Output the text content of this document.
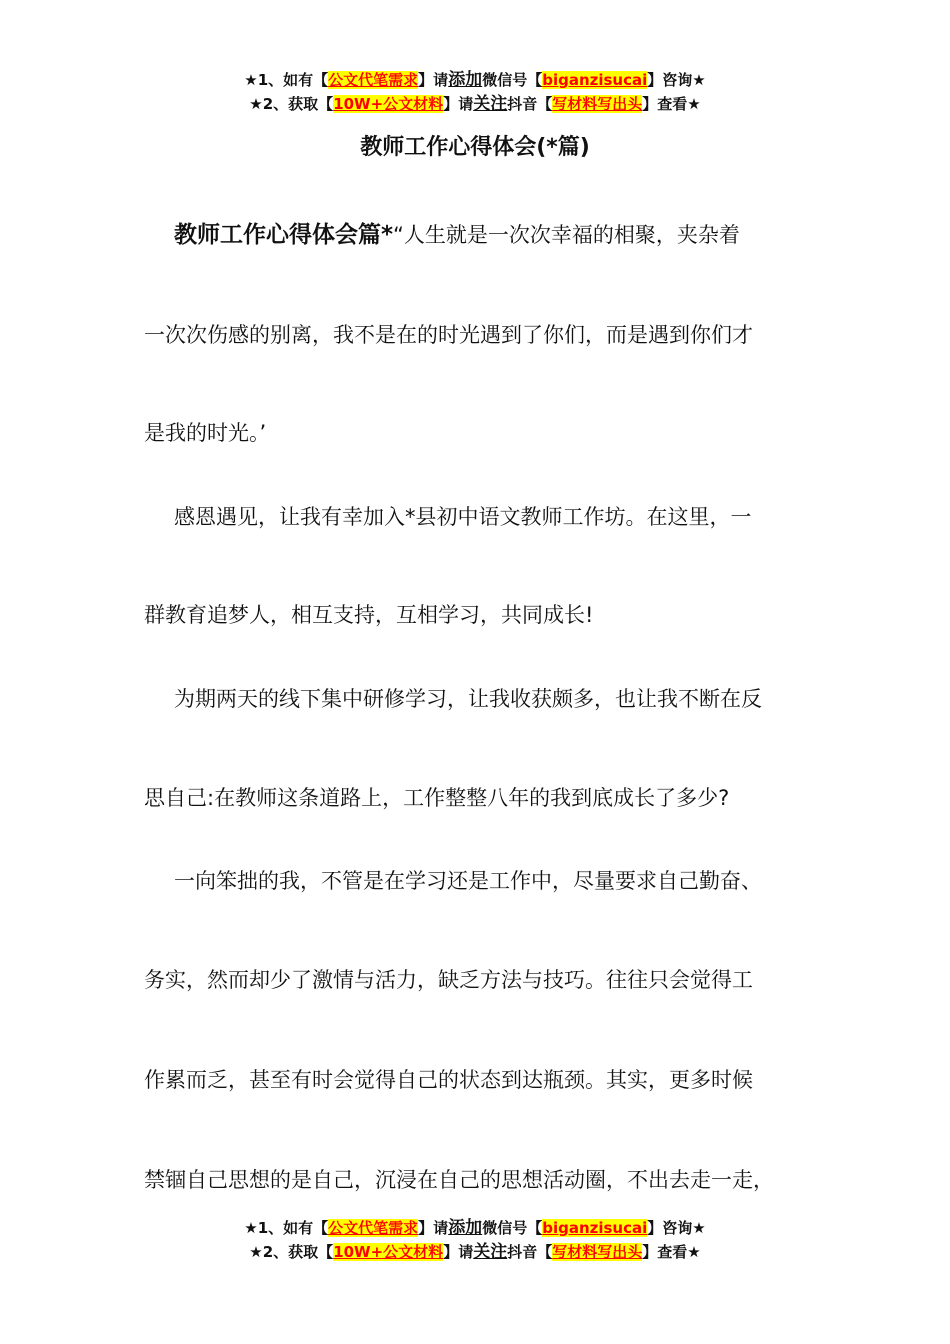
★1、如有【公文代笔需求】请添加微信号【biganzisucai】咨询★
★2、获取【10W+公文材料】请关注抖音【写材料写出头】查看★
教师工作心得体会(*篇)
教师工作心得体会篇*“人生就是一次次幸福的相聚，夹杂着
一次次伤感的别离，我不是在的时光遇到了你们，而是遇到你们才
是我的时光。’
感恩遇见，让我有幸加入*县初中语文教师工作坊。在这里，一
群教育追梦人，相互支持，互相学习，共同成长!
为期两天的线下集中研修学习，让我收获颇多，也让我不断在反
思自己:在教师这条道路上，工作整整八年的我到底成长了多少?
一向笨拙的我，不管是在学习还是工作中，尽量要求自己勤奋、
务实，然而却少了激情与活力，缺乏方法与技巧。往往只会觉得工
作累而乏，甚至有时会觉得自己的状态到达瓶颈。其实，更多时候
禁锢自己思想的是自己，沉浸在自己的思想活动圈，不出去走一走，
★1、如有【公文代笔需求】请添加微信号【biganzisucai】咨询★
★2、获取【10W+公文材料】请关注抖音【写材料写出头】查看★
